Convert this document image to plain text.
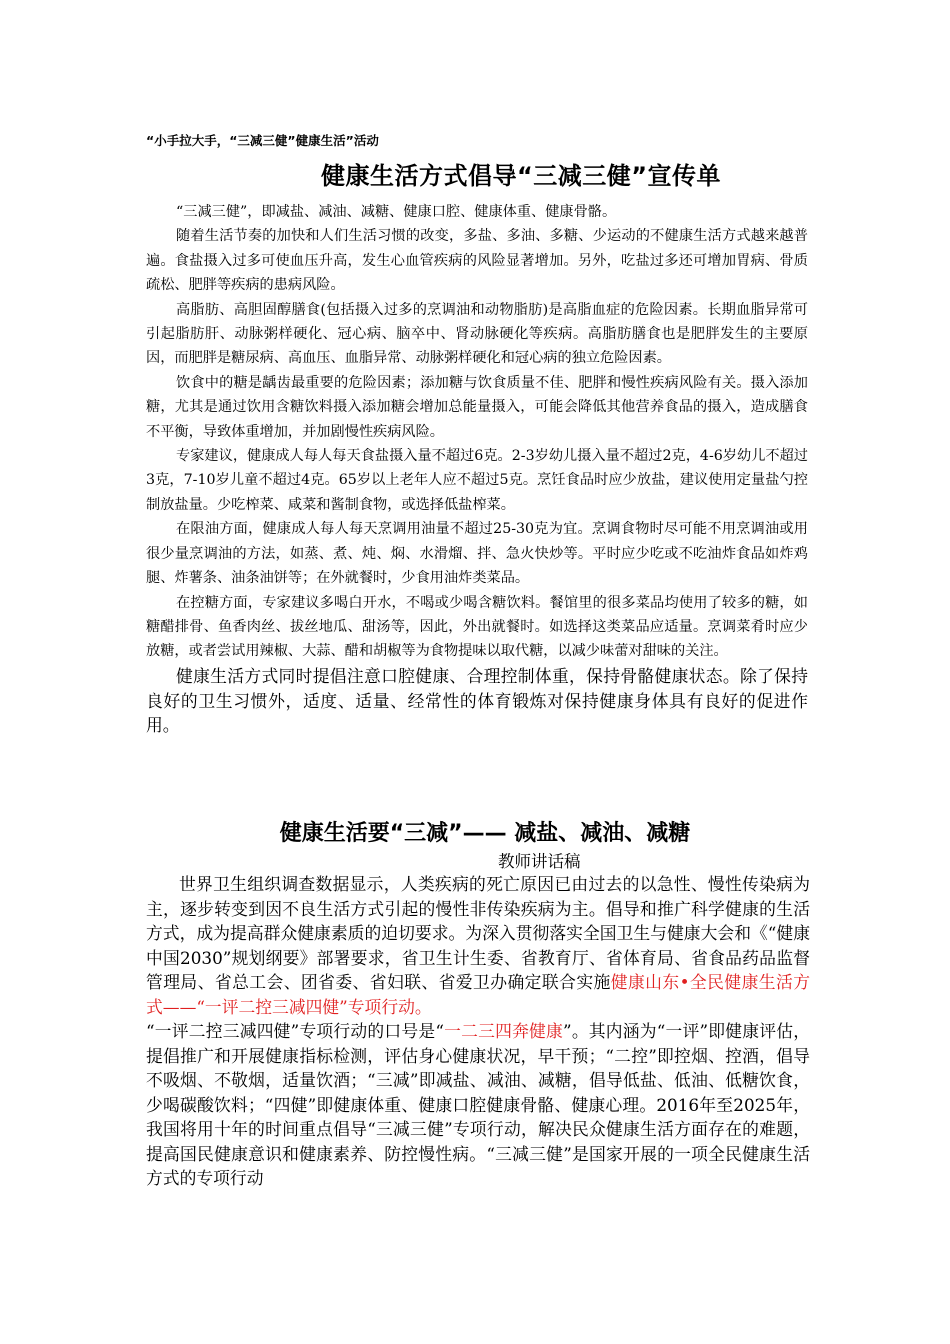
“小手拉大手，“三减三健”健康生活”活动
健康生活方式倡导“三减三健”宣传单

“三减三健”，即减盐、减油、减糖、健康口腔、健康体重、健康骨骼。

随着生活节奏的加快和人们生活习惯的改变，多盐、多油、多糖、少运动的不健康生活方式越来越普遍。食盐摄入过多可使血压升高，发生心血管疾病的风险显著增加。另外，吃盐过多还可增加胃病、骨质疏松、肥胖等疾病的患病风险。

高脂肪、高胆固醇膳食(包括摄入过多的烹调油和动物脂肪)是高脂血症的危险因素。长期血脂异常可引起脂肪肝、动脉粥样硬化、冠心病、脑卒中、肾动脉硬化等疾病。高脂肪膳食也是肥胖发生的主要原因，而肥胖是糖尿病、高血压、血脂异常、动脉粥样硬化和冠心病的独立危险因素。

饮食中的糖是龋齿最重要的危险因素；添加糖与饮食质量不佳、肥胖和慢性疾病风险有关。摄入添加糖，尤其是通过饮用含糖饮料摄入添加糖会增加总能量摄入，可能会降低其他营养食品的摄入，造成膳食不平衡，导致体重增加，并加剧慢性疾病风险。

专家建议，健康成人每人每天食盐摄入量不超过6克。2-3岁幼儿摄入量不超过2克，4-6岁幼儿不超过3克，7-10岁儿童不超过4克。65岁以上老年人应不超过5克。烹饪食品时应少放盐，建议使用定量盐勺控制放盐量。少吃榨菜、咸菜和酱制食物，或选择低盐榨菜。

在限油方面，健康成人每人每天烹调用油量不超过25-30克为宜。烹调食物时尽可能不用烹调油或用很少量烹调油的方法，如蒸、煮、炖、焖、水滑熘、拌、急火快炒等。平时应少吃或不吃油炸食品如炸鸡腿、炸薯条、油条油饼等；在外就餐时，少食用油炸类菜品。

在控糖方面，专家建议多喝白开水，不喝或少喝含糖饮料。餐馆里的很多菜品均使用了较多的糖，如糖醋排骨、鱼香肉丝、拔丝地瓜、甜汤等，因此，外出就餐时。如选择这类菜品应适量。烹调菜肴时应少放糖，或者尝试用辣椒、大蒜、醋和胡椒等为食物提味以取代糖，以减少味蕾对甜味的关注。

健康生活方式同时提倡注意口腔健康、合理控制体重，保持骨骼健康状态。除了保持良好的卫生习惯外，适度、适量、经常性的体育锻炼对保持健康身体具有良好的促进作用。

健康生活要“三减”—— 减盐、减油、减糖
教师讲话稿

世界卫生组织调查数据显示，人类疾病的死亡原因已由过去的以急性、慢性传染病为主，逐步转变到因不良生活方式引起的慢性非传染疾病为主。倡导和推广科学健康的生活方式，成为提高群众健康素质的迫切要求。为深入贯彻落实全国卫生与健康大会和《“健康中国2030”规划纲要》部署要求，省卫生计生委、省教育厅、省体育局、省食品药品监督管理局、省总工会、团省委、省妇联、省爱卫办确定联合实施健康山东•全民健康生活方式——“一评二控三减四健”专项行动。

“一评二控三减四健”专项行动的口号是“一二三四奔健康”。其内涵为“一评”即健康评估，提倡推广和开展健康指标检测，评估身心健康状况，早干预；“二控”即控烟、控酒，倡导不吸烟、不敬烟，适量饮酒；“三减”即减盐、减油、减糖，倡导低盐、低油、低糖饮食，少喝碳酸饮料；“四健”即健康体重、健康口腔健康骨骼、健康心理。2016年至2025年，我国将用十年的时间重点倡导“三减三健”专项行动，解决民众健康生活方面存在的难题，提高国民健康意识和健康素养、防控慢性病。“三减三健”是国家开展的一项全民健康生活方式的专项行动
